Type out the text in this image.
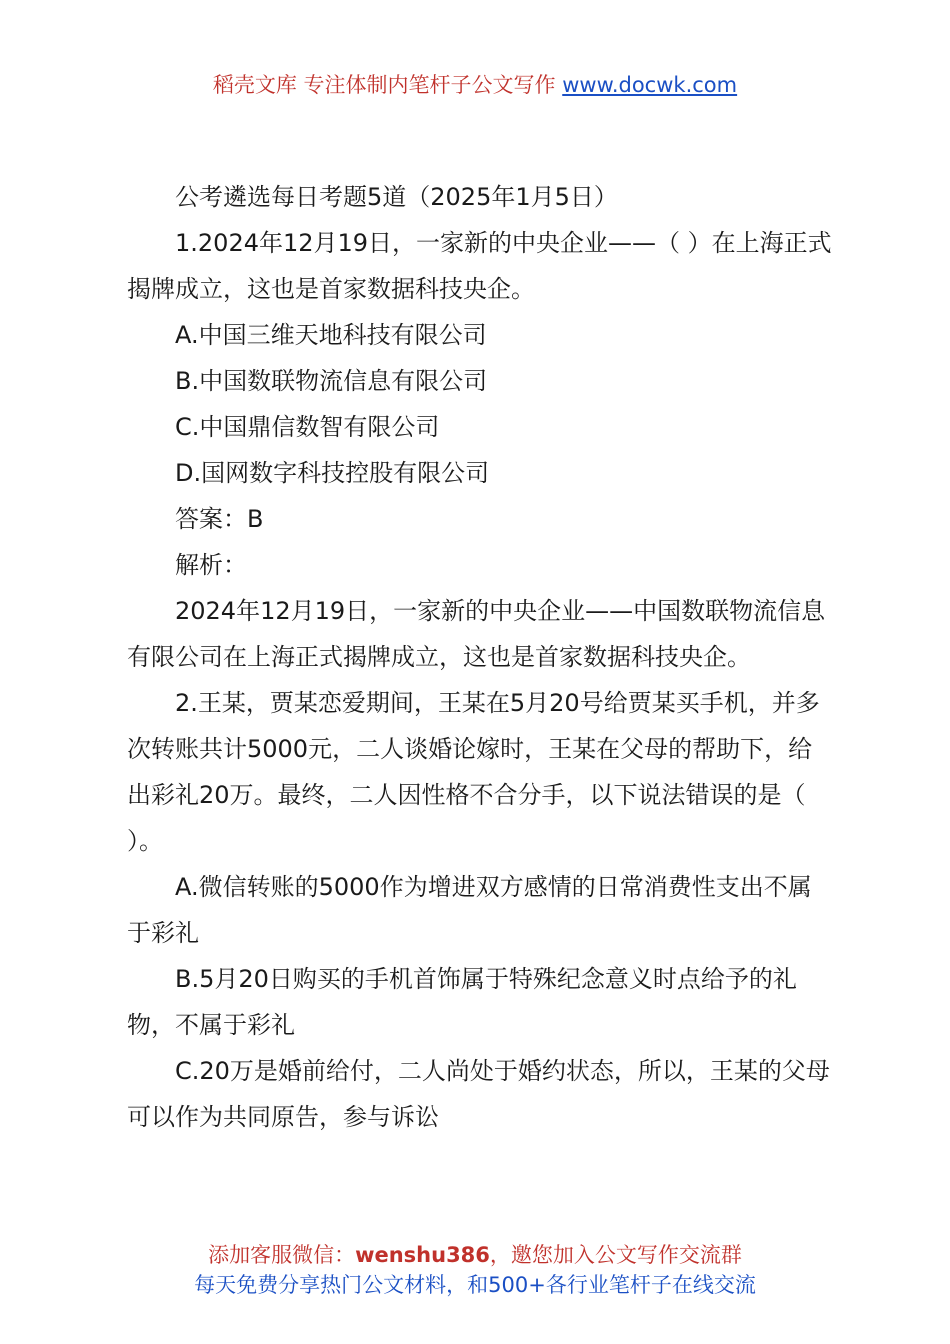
稻壳文库 专注体制内笔杆子公文写作 www.docwk.com

公考遴选每日考题5道（2025年1月5日）

1.2024年12月19日，一家新的中央企业——（ ）在上海正式揭牌成立，这也是首家数据科技央企。

A.中国三维天地科技有限公司

B.中国数联物流信息有限公司

C.中国鼎信数智有限公司

D.国网数字科技控股有限公司

答案：B

解析：

2024年12月19日，一家新的中央企业——中国数联物流信息有限公司在上海正式揭牌成立，这也是首家数据科技央企。

2.王某，贾某恋爱期间，王某在5月20号给贾某买手机，并多次转账共计5000元，二人谈婚论嫁时，王某在父母的帮助下，给出彩礼20万。最终，二人因性格不合分手，以下说法错误的是（ ）。

A.微信转账的5000作为增进双方感情的日常消费性支出不属于彩礼

B.5月20日购买的手机首饰属于特殊纪念意义时点给予的礼物，不属于彩礼

C.20万是婚前给付，二人尚处于婚约状态，所以，王某的父母可以作为共同原告，参与诉讼

添加客服微信：wenshu386，邀您加入公文写作交流群
每天免费分享热门公文材料，和500+各行业笔杆子在线交流
